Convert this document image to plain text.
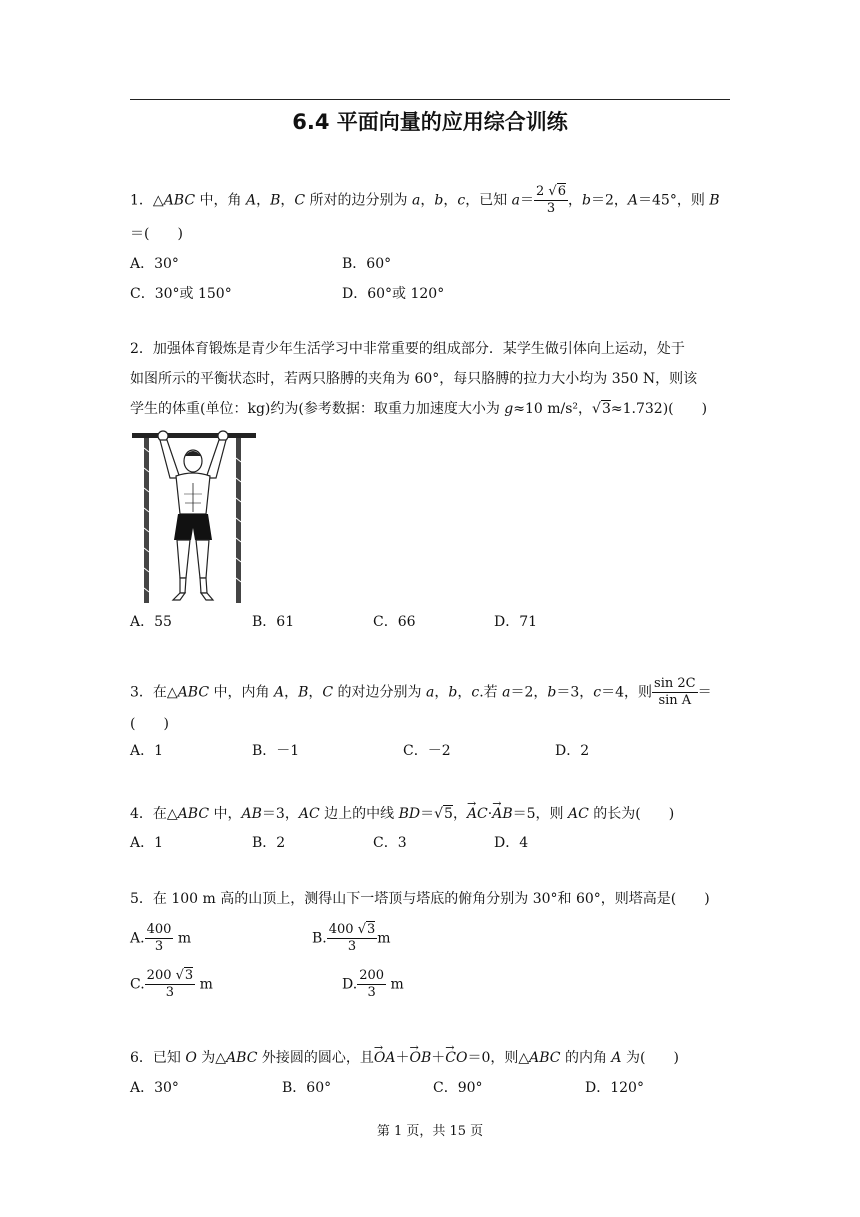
6.4 平面向量的应用综合训练
1．△ABC 中，角 A，B，C 所对的边分别为 a，b，c，已知 $a= \frac{2 √6}{3}$ ，b＝2，A＝45°，则 B
＝(　　)
A．30°	B．60°
C．30°或 150°	D．60°或 120°
2．加强体育锻炼是青少年生活学习中非常重要的组成部分．某学生做引体向上运动，处于
如图所示的平衡状态时，若两只胳膊的夹角为 60°，每只胳膊的拉力大小均为 350 N，则该
学生的体重(单位：kg)约为(参考数据：取重力加速度大小为 g≈10 m/s²，√3≈1.732)(　　)
A．55	B．61	C．66	D．71
3．在△ABC 中，内角 A，B，C 的对边分别为 a，b，c.若 a＝2，b＝3，c＝4，则 $\frac{\sin 2C}{\text{sin A}}$ ＝
(　　)
A．1	B．－1	C．－2	D．2
4．在△ABC 中，AB＝3，AC 边上的中线 BD＝√5，→ AC·→ AB＝5，则 AC 的长为(　　)
A．1	B．2	C．3	D．4
5．在 100 m 高的山顶上，测得山下一塔顶与塔底的俯角分别为 30°和 60°，则塔高是(　　)
A. $\frac{400}{3}$ m	B. $\frac{400 √3}{3}$ m
C. $\frac{200 √3}{3}$ m	D. $\frac{200}{3}$ m
6．已知 O 为△ABC 外接圆的圆心，且→ OA＋→ OB＋→ CO＝0，则△ABC 的内角 A 为(　　)
A．30°	B．60°	C．90°	D．120°
第 1 页，共 15 页
